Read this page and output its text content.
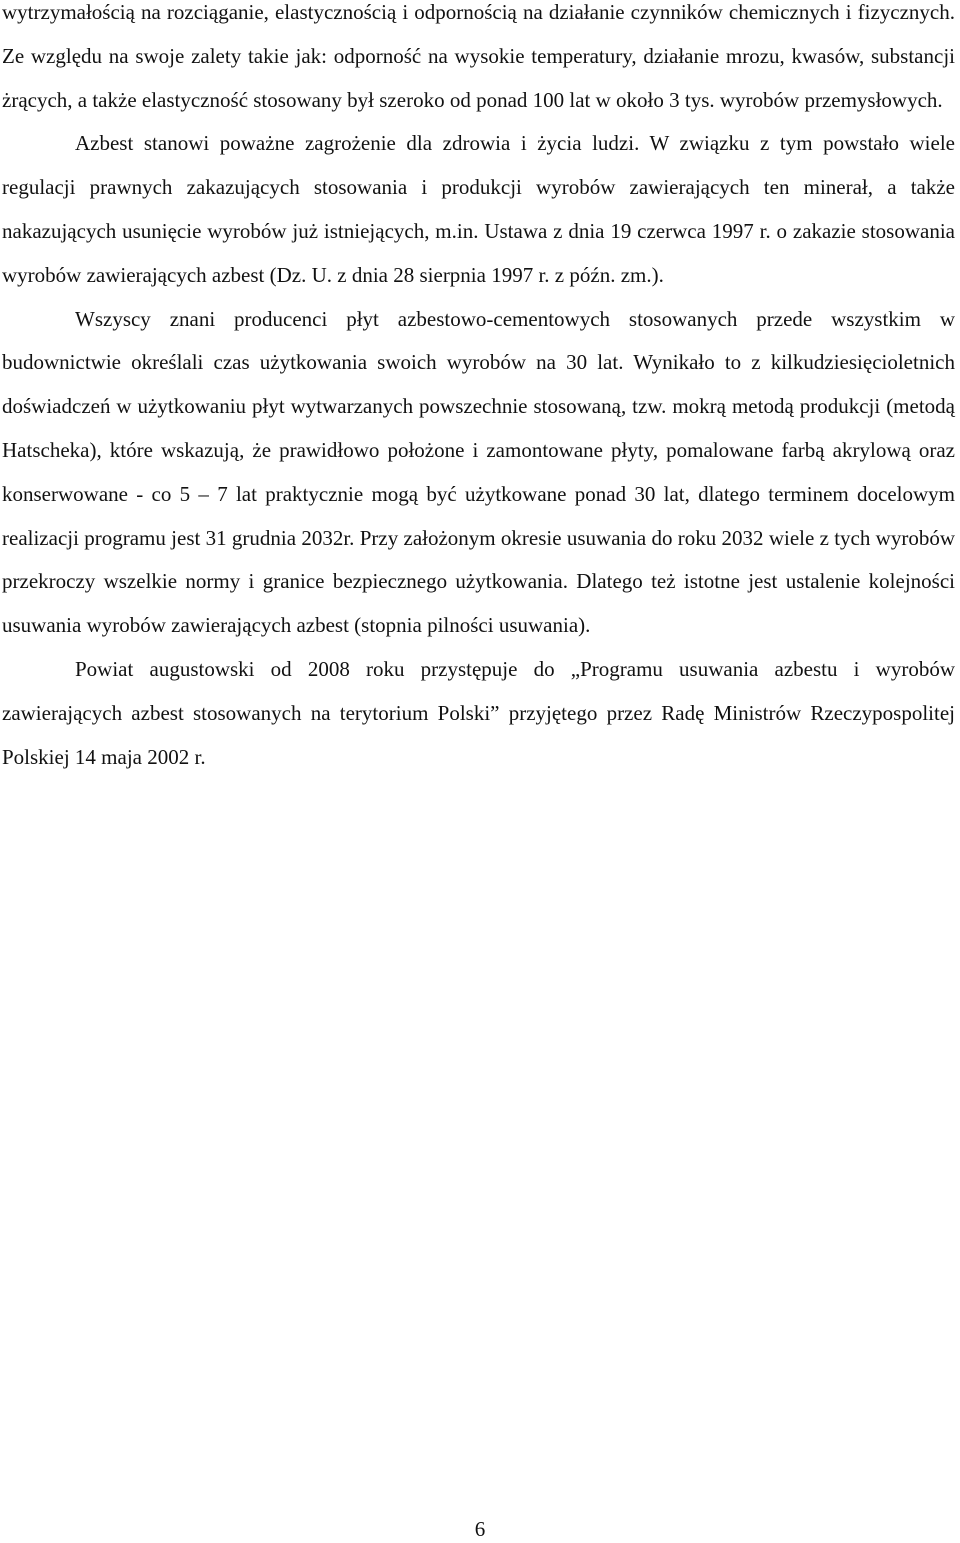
wytrzymałością na rozciąganie, elastycznością i odpornością na działanie czynników chemicznych i fizycznych. Ze względu na swoje zalety takie jak: odporność na wysokie temperatury, działanie mrozu, kwasów, substancji żrących, a także elastyczność stosowany był szeroko od ponad 100 lat w około 3 tys. wyrobów przemysłowych.

Azbest stanowi poważne zagrożenie dla zdrowia i życia ludzi. W związku z tym powstało wiele regulacji prawnych zakazujących stosowania i produkcji wyrobów zawierających ten minerał, a także nakazujących usunięcie wyrobów już istniejących, m.in. Ustawa z dnia 19 czerwca 1997 r. o zakazie stosowania wyrobów zawierających azbest (Dz. U. z dnia 28 sierpnia 1997 r. z późn. zm.).

Wszyscy znani producenci płyt azbestowo-cementowych stosowanych przede wszystkim w budownictwie określali czas użytkowania swoich wyrobów na 30 lat. Wynikało to z kilkudziesięcioletnich doświadczeń w użytkowaniu płyt wytwarzanych powszechnie stosowaną, tzw. mokrą metodą produkcji (metodą Hatscheka), które wskazują, że prawidłowo położone i zamontowane płyty, pomalowane farbą akrylową oraz konserwowane - co 5 – 7 lat praktycznie mogą być użytkowane ponad 30 lat, dlatego terminem docelowym realizacji programu jest 31 grudnia 2032r. Przy założonym okresie usuwania do roku 2032 wiele z tych wyrobów przekroczy wszelkie normy i granice bezpiecznego użytkowania. Dlatego też istotne jest ustalenie kolejności usuwania wyrobów zawierających azbest (stopnia pilności usuwania).

Powiat augustowski od 2008 roku przystępuje do „Programu usuwania azbestu i wyrobów zawierających azbest stosowanych na terytorium Polski” przyjętego przez Radę Ministrów Rzeczypospolitej Polskiej 14 maja 2002 r.

6
